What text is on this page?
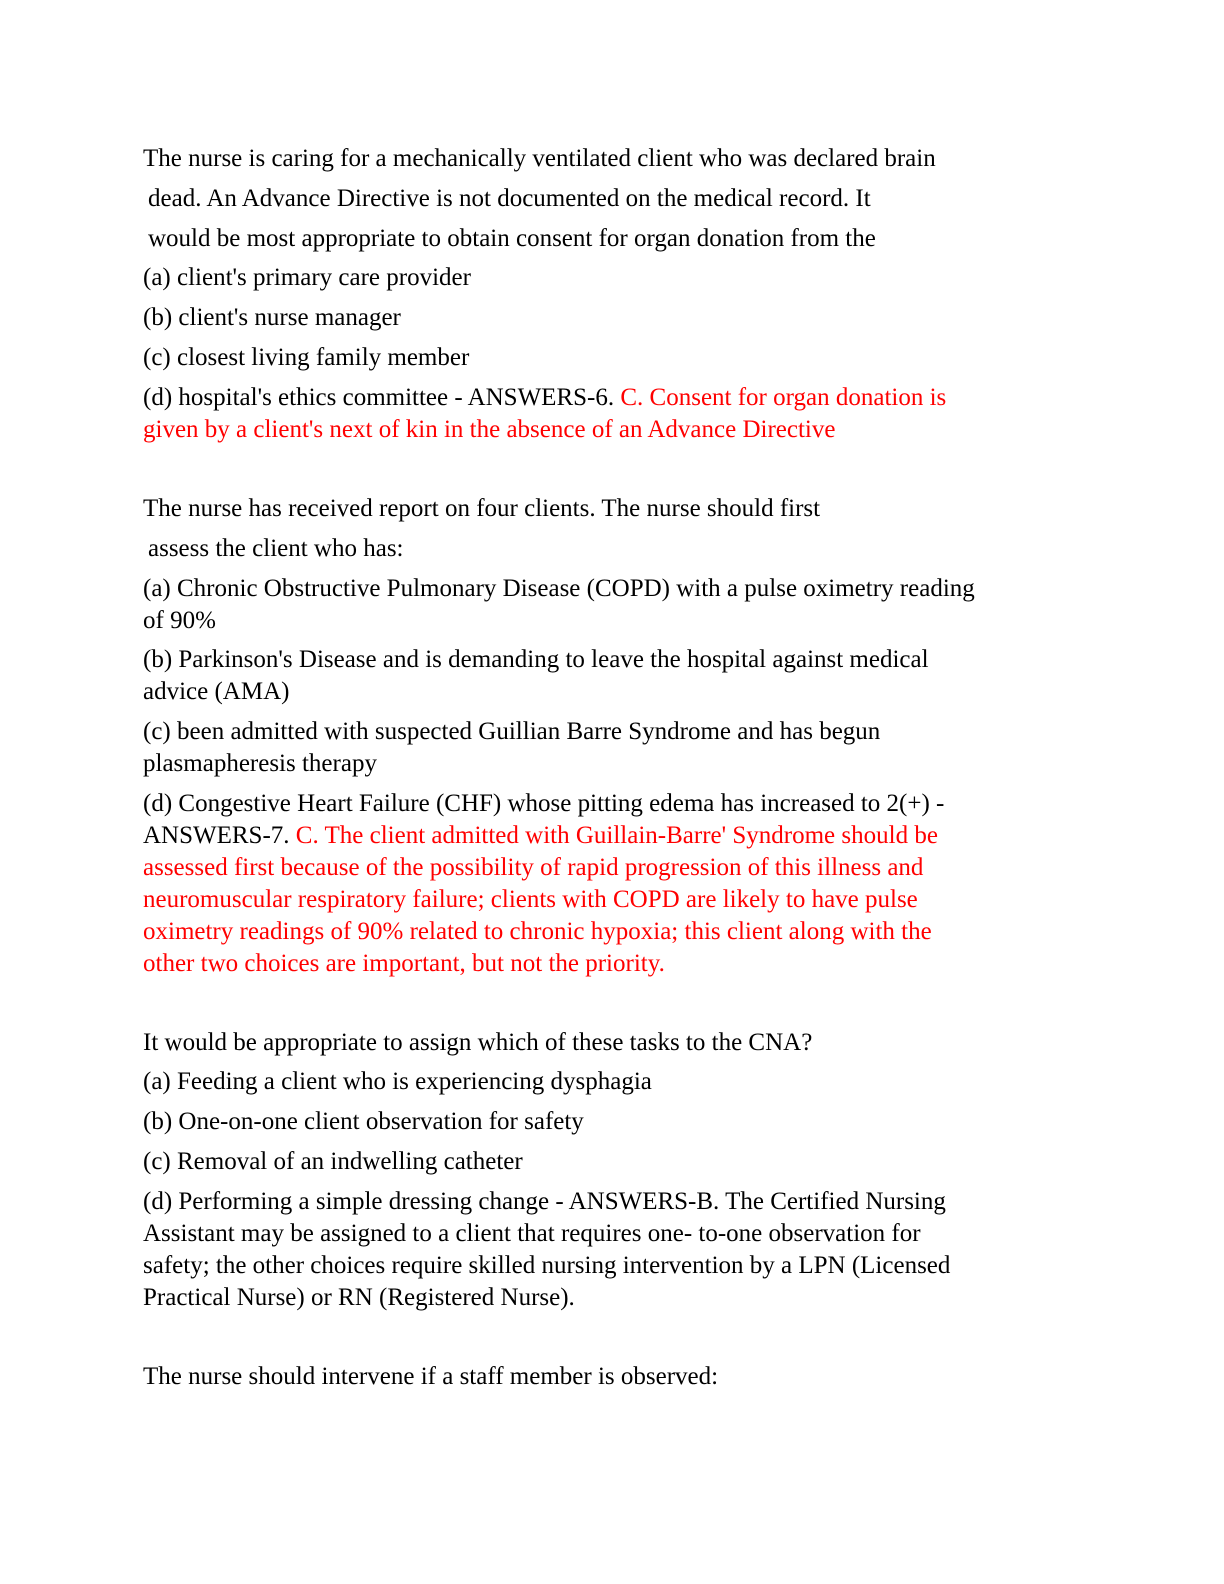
The nurse is caring for a mechanically ventilated client who was declared brain

dead. An Advance Directive is not documented on the medical record. It

would be most appropriate to obtain consent for organ donation from the

(a) client's primary care provider

(b) client's nurse manager

(c) closest living family member

(d) hospital's ethics committee - ANSWERS-6. C. Consent for organ donation is

given by a client's next of kin in the absence of an Advance Directive

The nurse has received report on four clients. The nurse should first

assess the client who has:

(a) Chronic Obstructive Pulmonary Disease (COPD) with a pulse oximetry reading

of 90%

(b) Parkinson's Disease and is demanding to leave the hospital against medical

advice (AMA)

(c) been admitted with suspected Guillian Barre Syndrome and has begun

plasmapheresis therapy

(d) Congestive Heart Failure (CHF) whose pitting edema has increased to 2(+) -

ANSWERS-7. C. The client admitted with Guillain-Barre' Syndrome should be

assessed first because of the possibility of rapid progression of this illness and

neuromuscular respiratory failure; clients with COPD are likely to have pulse

oximetry readings of 90% related to chronic hypoxia; this client along with the

other two choices are important, but not the priority.

It would be appropriate to assign which of these tasks to the CNA?

(a) Feeding a client who is experiencing dysphagia

(b) One-on-one client observation for safety

(c) Removal of an indwelling catheter

(d) Performing a simple dressing change - ANSWERS-B. The Certified Nursing

Assistant may be assigned to a client that requires one- to-one observation for

safety; the other choices require skilled nursing intervention by a LPN (Licensed

Practical Nurse) or RN (Registered Nurse).

The nurse should intervene if a staff member is observed:
